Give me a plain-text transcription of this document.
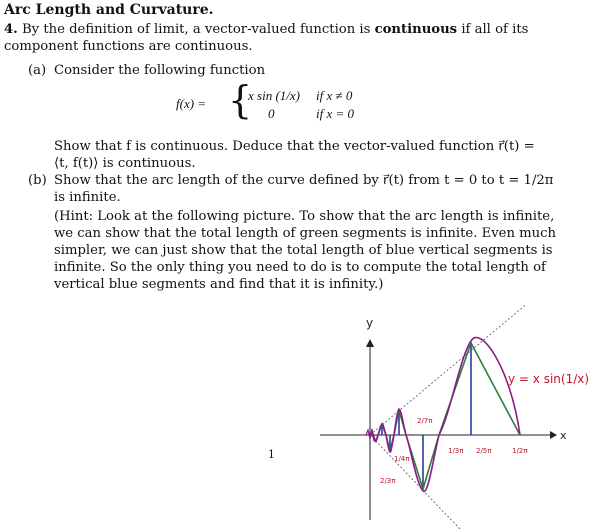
Arc Length and Curvature.
4. By the definition of limit, a vector-valued function is continuous if all of its
component functions are continuous.
(a) Consider the following function
f(x) = {
x sin (1/x) if x ≠ 0
0	if x = 0
Show that f is continuous. Deduce that the vector-valued function r⃗(t) =
⟨t, f(t)⟩ is continuous.
(b) Show that the arc length of the curve defined by r⃗(t) from t = 0 to t = 1/2π
is infinite.
(Hint: Look at the following picture. To show that the arc length is infinite,
we can show that the total length of green segments is infinite. Even much
simpler, we can just show that the total length of blue vertical segments is
infinite. So the only thing you need to do is to compute the total length of
vertical blue segments and find that it is infinity.)
1
y
x
y = x sin(1/x)
1/4π
2/7π
1/3π 2/5π	1/2π
2/3π
